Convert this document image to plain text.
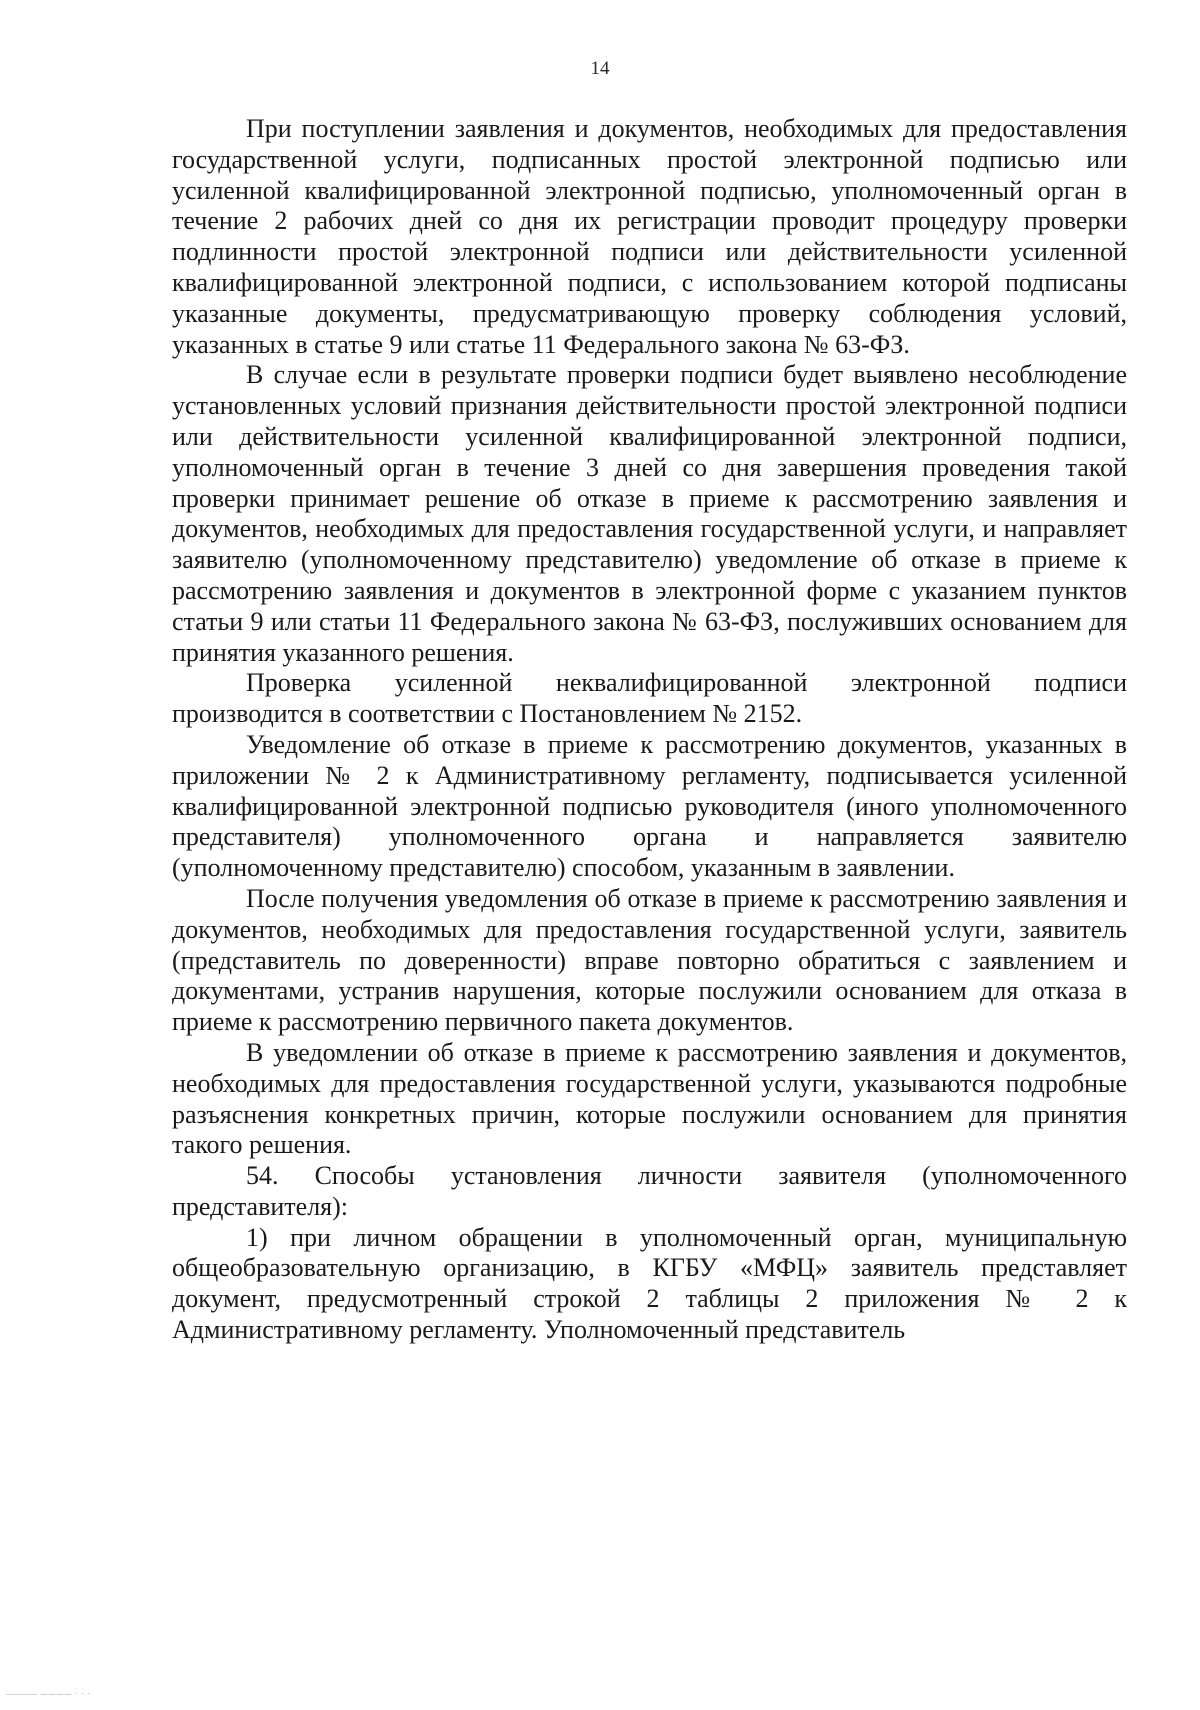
14

При поступлении заявления и документов, необходимых для предоставления государственной услуги, подписанных простой электронной подписью или усиленной квалифицированной электронной подписью, уполномоченный орган в течение 2 рабочих дней со дня их регистрации проводит процедуру проверки подлинности простой электронной подписи или действительности усиленной квалифицированной электронной подписи, с использованием которой подписаны указанные документы, предусматривающую проверку соблюдения условий, указанных в статье 9 или статье 11 Федерального закона № 63-ФЗ.

В случае если в результате проверки подписи будет выявлено несоблюдение установленных условий признания действительности простой электронной подписи или действительности усиленной квалифицированной электронной подписи, уполномоченный орган в течение 3 дней со дня завершения проведения такой проверки принимает решение об отказе в приеме к рассмотрению заявления и документов, необходимых для предоставления государственной услуги, и направляет заявителю (уполномоченному представителю) уведомление об отказе в приеме к рассмотрению заявления и документов в электронной форме с указанием пунктов статьи 9 или статьи 11 Федерального закона № 63-ФЗ, послуживших основанием для принятия указанного решения.

Проверка усиленной неквалифицированной электронной подписи производится в соответствии с Постановлением № 2152.

Уведомление об отказе в приеме к рассмотрению документов, указанных в приложении № 2 к Административному регламенту, подписывается усиленной квалифицированной электронной подписью руководителя (иного уполномоченного представителя) уполномоченного органа и направляется заявителю (уполномоченному представителю) способом, указанным в заявлении.

После получения уведомления об отказе в приеме к рассмотрению заявления и документов, необходимых для предоставления государственной услуги, заявитель (представитель по доверенности) вправе повторно обратиться с заявлением и документами, устранив нарушения, которые послужили основанием для отказа в приеме к рассмотрению первичного пакета документов.

В уведомлении об отказе в приеме к рассмотрению заявления и документов, необходимых для предоставления государственной услуги, указываются подробные разъяснения конкретных причин, которые послужили основанием для принятия такого решения.

54. Способы установления личности заявителя (уполномоченного представителя):

1) при личном обращении в уполномоченный орган, муниципальную общеобразовательную организацию, в КГБУ «МФЦ» заявитель представляет документ, предусмотренный строкой 2 таблицы 2 приложения № 2 к Административному регламенту. Уполномоченный представитель

———— ———— · · ·
